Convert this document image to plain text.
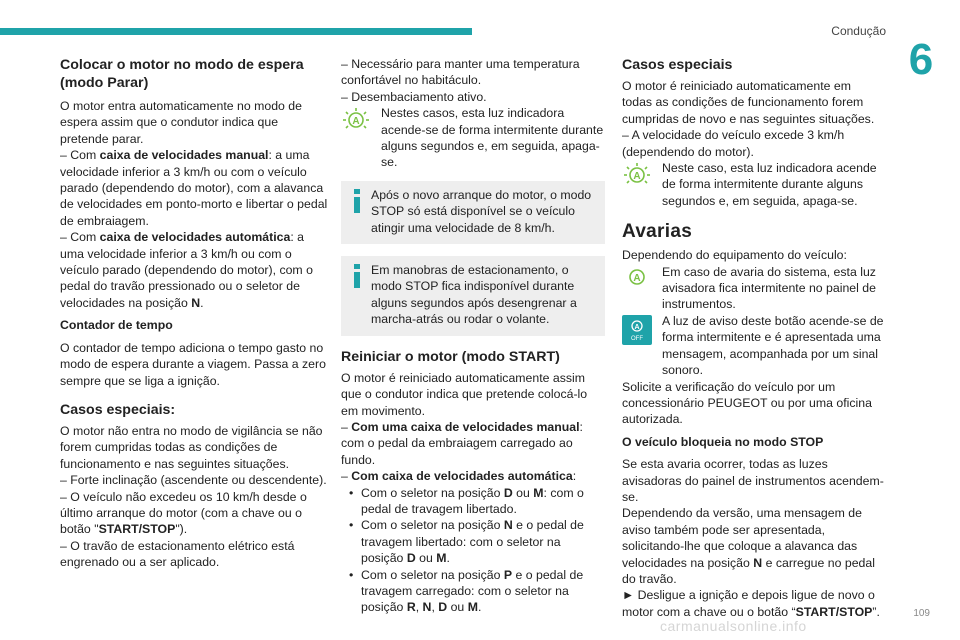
Condução
6

Colocar o motor no modo de espera (modo Parar)

O motor entra automaticamente no modo de espera assim que o condutor indica que pretende parar.

– Com caixa de velocidades manual: a uma velocidade inferior a 3 km/h ou com o veículo parado (dependendo do motor), com a alavanca de velocidades em ponto-morto e libertar o pedal de embraiagem.

– Com caixa de velocidades automática: a uma velocidade inferior a 3 km/h ou com o veículo parado (dependendo do motor), com o pedal do travão pressionado ou o seletor de velocidades na posição N.

Contador de tempo

O contador de tempo adiciona o tempo gasto no modo de espera durante a viagem. Passa a zero sempre que se liga a ignição.

Casos especiais:

O motor não entra no modo de vigilância se não forem cumpridas todas as condições de funcionamento e nas seguintes situações.

– Forte inclinação (ascendente ou descendente).

– O veículo não excedeu os 10 km/h desde o último arranque do motor (com a chave ou o botão "START/STOP").

– O travão de estacionamento elétrico está engrenado ou a ser aplicado.

– Necessário para manter uma temperatura confortável no habitáculo.

– Desembaciamento ativo.

A

Nestes casos, esta luz indicadora acende-se de forma intermitente durante alguns segundos e, em seguida, apaga-se.

Após o novo arranque do motor, o modo STOP só está disponível se o veículo atingir uma velocidade de 8 km/h.

Em manobras de estacionamento, o modo STOP fica indisponível durante alguns segundos após desengrenar a marcha-atrás ou rodar o volante.

Reiniciar o motor (modo START)

O motor é reiniciado automaticamente assim que o condutor indica que pretende colocá-lo em movimento.

– Com uma caixa de velocidades manual: com o pedal da embraiagem carregado ao fundo.

– Com caixa de velocidades automática:

• Com o seletor na posição D ou M: com o pedal de travagem libertado.
• Com o seletor na posição N e o pedal de travagem libertado: com o seletor na posição D ou M.
• Com o seletor na posição P e o pedal de travagem carregado: com o seletor na posição R, N, D ou M.

Casos especiais

O motor é reiniciado automaticamente em todas as condições de funcionamento forem cumpridas de novo e nas seguintes situações.

– A velocidade do veículo excede 3 km/h (dependendo do motor).

A

Neste caso, esta luz indicadora acende de forma intermitente durante alguns segundos e, em seguida, apaga-se.

Avarias

Dependendo do equipamento do veículo:

A	Em caso de avaria do sistema, esta luz avisadora fica intermitente no painel de instrumentos.

A
OFF

A luz de aviso deste botão acende-se de forma intermitente e é apresentada uma mensagem, acompanhada por um sinal sonoro.

Solicite a verificação do veículo por um concessionário PEUGEOT ou por uma oficina autorizada.

O veículo bloqueia no modo STOP

Se esta avaria ocorrer, todas as luzes avisadoras do painel de instrumentos acendem-se.

Dependendo da versão, uma mensagem de aviso também pode ser apresentada, solicitando-lhe que coloque a alavanca das velocidades na posição N e carregue no pedal do travão.

► Desligue a ignição e depois ligue de novo o motor com a chave ou o botão “START/STOP”.	109
carmanualsonline.info
